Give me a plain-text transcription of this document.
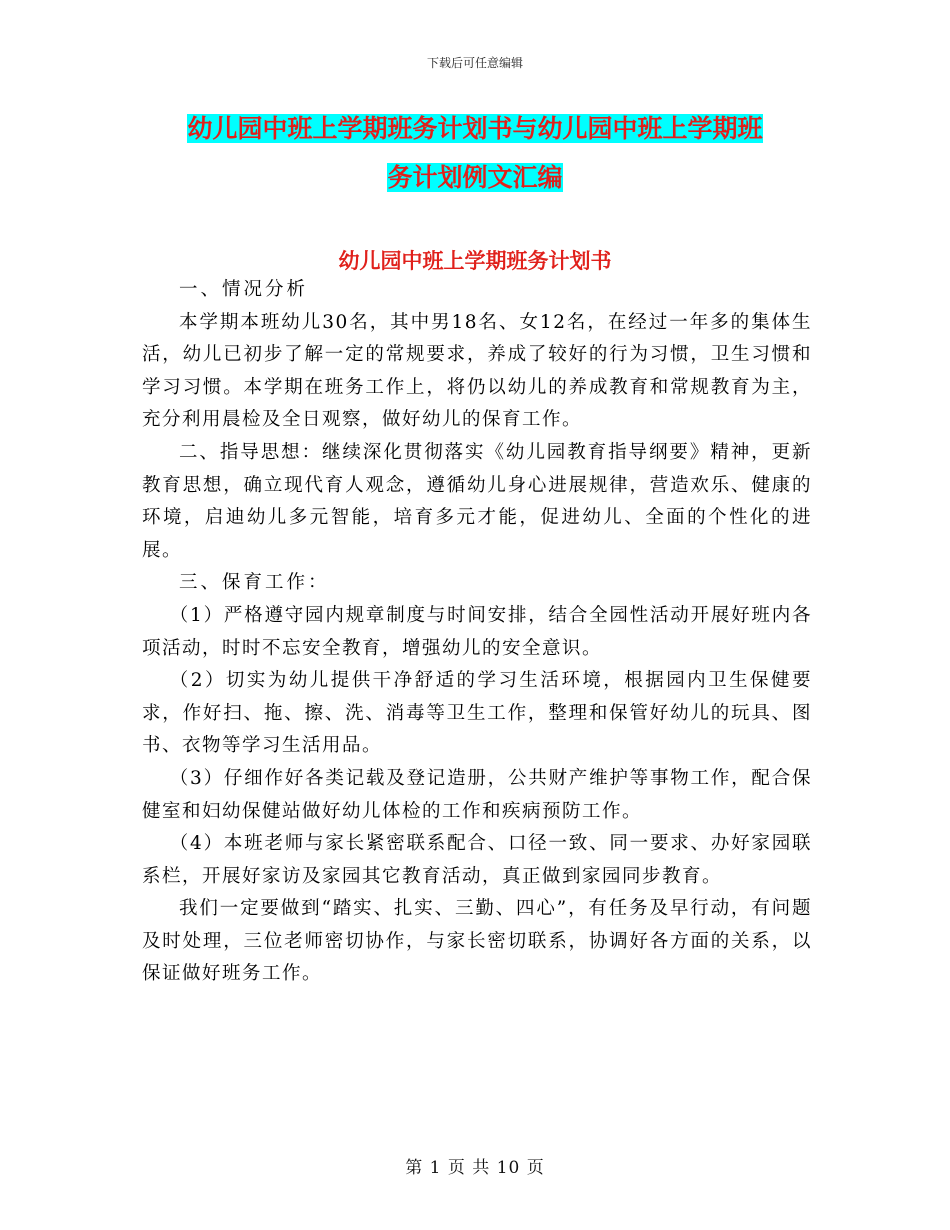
下载后可任意编辑
幼儿园中班上学期班务计划书与幼儿园中班上学期班
务计划例文汇编
幼儿园中班上学期班务计划书

一、情况分析

本学期本班幼儿30名，其中男18名、女12名，在经过一年多的集体生活，幼儿已初步了解一定的常规要求，养成了较好的行为习惯，卫生习惯和学习习惯。本学期在班务工作上，将仍以幼儿的养成教育和常规教育为主，充分利用晨检及全日观察，做好幼儿的保育工作。

二、指导思想：继续深化贯彻落实《幼儿园教育指导纲要》精神，更新教育思想，确立现代育人观念，遵循幼儿身心进展规律，营造欢乐、健康的环境，启迪幼儿多元智能，培育多元才能，促进幼儿、全面的个性化的进展。

三、保育工作：

（1）严格遵守园内规章制度与时间安排，结合全园性活动开展好班内各项活动，时时不忘安全教育，增强幼儿的安全意识。

（2）切实为幼儿提供干净舒适的学习生活环境，根据园内卫生保健要求，作好扫、拖、擦、洗、消毒等卫生工作，整理和保管好幼儿的玩具、图书、衣物等学习生活用品。

（3）仔细作好各类记载及登记造册，公共财产维护等事物工作，配合保健室和妇幼保健站做好幼儿体检的工作和疾病预防工作。

（4）本班老师与家长紧密联系配合、口径一致、同一要求、办好家园联系栏，开展好家访及家园其它教育活动，真正做到家园同步教育。

我们一定要做到“踏实、扎实、三勤、四心”，有任务及早行动，有问题及时处理，三位老师密切协作，与家长密切联系，协调好各方面的关系，以保证做好班务工作。

第 1 页 共 10 页
